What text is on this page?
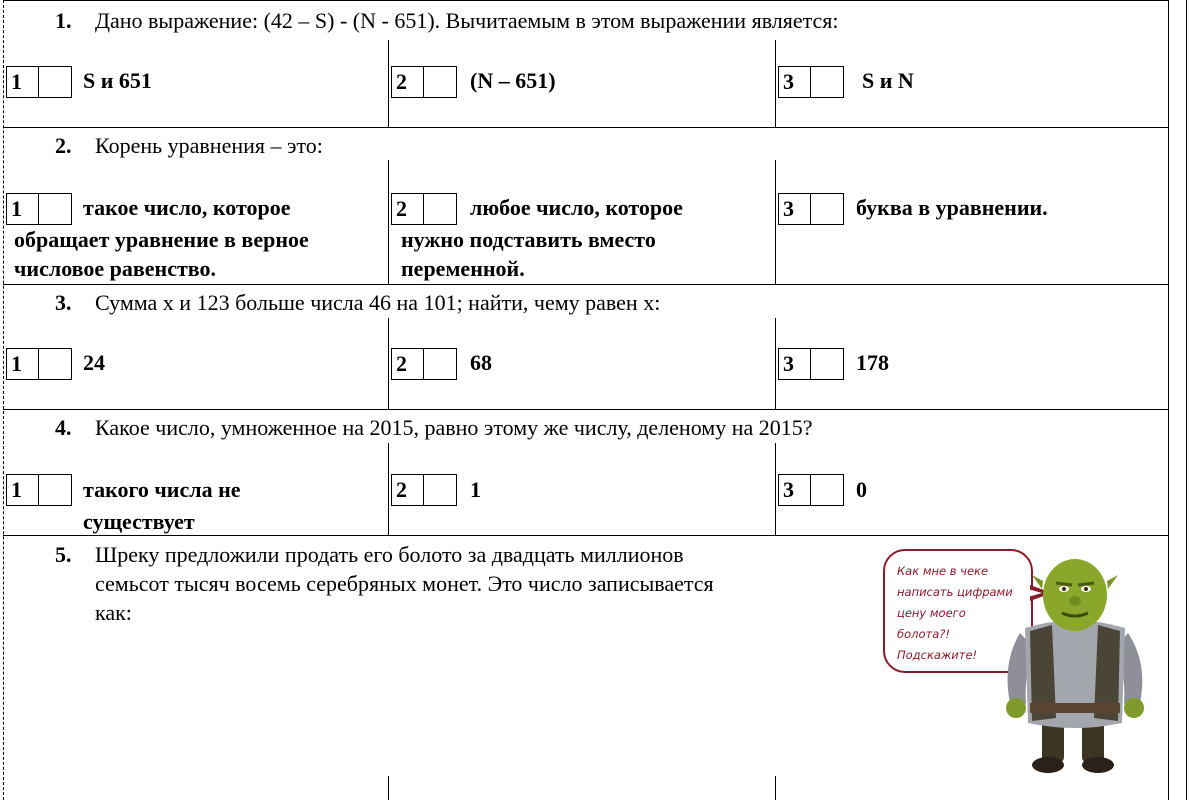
1. Дано выражение: (42 – S) - (N - 651). Вычитаемым в этом выражении является:
1	S и 651	2	(N – 651)	3	S и N
2. Корень уравнения – это:
1	такое число, которое
обращает уравнение в верное
числовое равенство.
2	любое число, которое
нужно подставить вместо
переменной.
3	буква в уравнении.
3. Сумма х и 123 больше числа 46 на 101; найти, чему равен х:
1	24	2	68	3	178
4. Какое число, умноженное на 2015, равно этому же числу, деленому на 2015?
1	такого числа не
существует
2	1	3	0
5. Шреку предложили продать его болото за двадцать миллионов
семьсот тысяч восемь серебряных монет. Это число записывается
как:
Как мне в чеке
написать цифрами
цену моего
болота?!
Подскажите!
